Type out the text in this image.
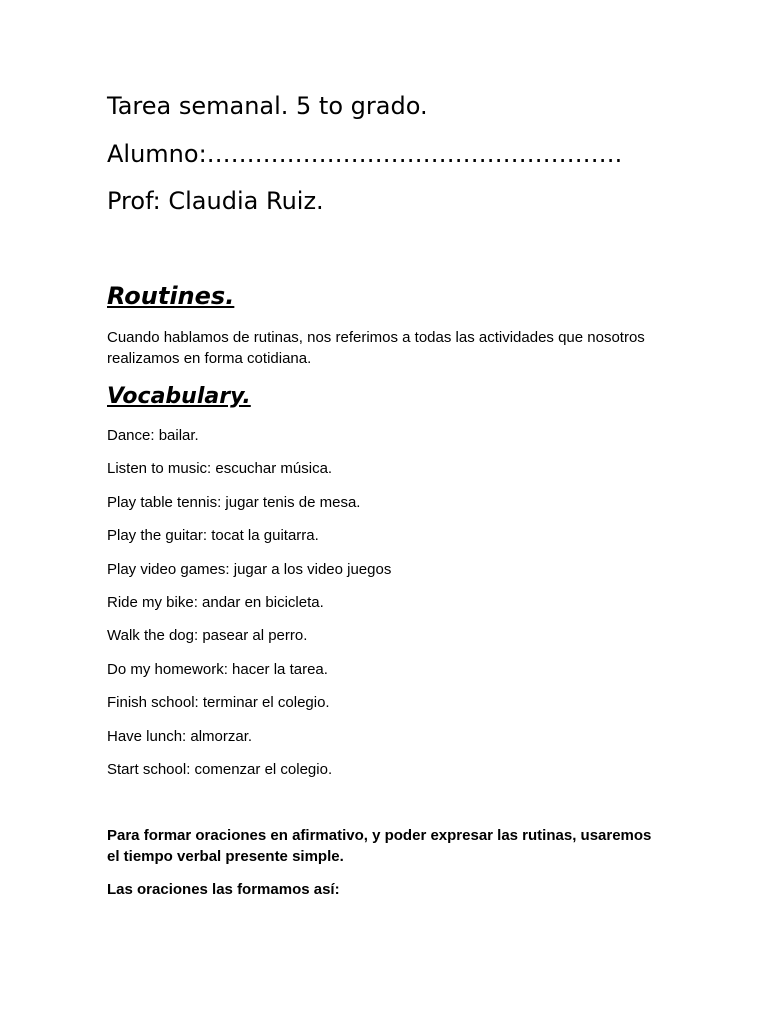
Tarea semanal. 5 to grado.

Alumno:…………………………………………….

Prof: Claudia Ruiz.

Routines.

Cuando hablamos de rutinas, nos referimos a todas las actividades que nosotros realizamos en forma cotidiana.

Vocabulary.
Dance: bailar.
Listen to music: escuchar música.
Play table tennis: jugar tenis de mesa.
Play the guitar: tocat la guitarra.
Play video games: jugar a los video juegos
Ride my bike: andar en bicicleta.
Walk the dog: pasear al perro.
Do my homework: hacer la tarea.
Finish school: terminar el colegio.
Have lunch: almorzar.
Start school: comenzar el colegio.

Para formar oraciones en afirmativo, y poder expresar las rutinas, usaremos el tiempo verbal presente simple.

Las oraciones las formamos así:
